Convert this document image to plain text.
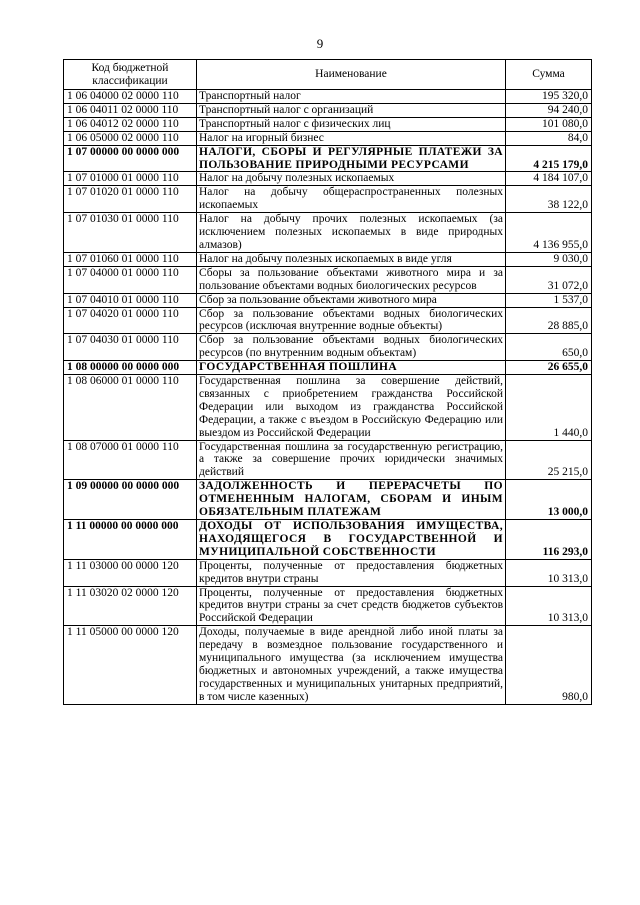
9
Код бюджетной классификации	Наименование	Сумма
1 06 04000 02 0000 110	Транспортный налог	195 320,0
1 06 04011 02 0000 110	Транспортный налог с организаций	94 240,0
1 06 04012 02 0000 110	Транспортный налог с физических лиц	101 080,0
1 06 05000 02 0000 110	Налог на игорный бизнес	84,0
1 07 00000 00 0000 000	НАЛОГИ, СБОРЫ И РЕГУЛЯРНЫЕ ПЛАТЕЖИ ЗА ПОЛЬЗОВАНИЕ ПРИРОДНЫМИ РЕСУРСАМИ	4 215 179,0
1 07 01000 01 0000 110	Налог на добычу полезных ископаемых	4 184 107,0
1 07 01020 01 0000 110	Налог на добычу общераспространенных полезных ископаемых	38 122,0
1 07 01030 01 0000 110	Налог на добычу прочих полезных ископаемых (за исключением полезных ископаемых в виде природных алмазов)	4 136 955,0
1 07 01060 01 0000 110	Налог на добычу полезных ископаемых в виде угля	9 030,0
1 07 04000 01 0000 110	Сборы за пользование объектами животного мира и за пользование объектами водных биологических ресурсов	31 072,0
1 07 04010 01 0000 110	Сбор за пользование объектами животного мира	1 537,0
1 07 04020 01 0000 110	Сбор за пользование объектами водных биологических ресурсов (исключая внутренние водные объекты)	28 885,0
1 07 04030 01 0000 110	Сбор за пользование объектами водных биологических ресурсов (по внутренним водным объектам)	650,0
1 08 00000 00 0000 000	ГОСУДАРСТВЕННАЯ ПОШЛИНА	26 655,0
1 08 06000 01 0000 110	Государственная пошлина за совершение действий, связанных с приобретением гражданства Российской Федерации или выходом из гражданства Российской Федерации, а также с въездом в Российскую Федерацию или выездом из Российской Федерации	1 440,0
1 08 07000 01 0000 110	Государственная пошлина за государственную регистрацию, а также за совершение прочих юридически значимых действий	25 215,0
1 09 00000 00 0000 000	ЗАДОЛЖЕННОСТЬ И ПЕРЕРАСЧЕТЫ ПО ОТМЕНЕННЫМ НАЛОГАМ, СБОРАМ И ИНЫМ ОБЯЗАТЕЛЬНЫМ ПЛАТЕЖАМ	13 000,0
1 11 00000 00 0000 000	ДОХОДЫ ОТ ИСПОЛЬЗОВАНИЯ ИМУЩЕСТВА, НАХОДЯЩЕГОСЯ В ГОСУДАРСТВЕННОЙ И МУНИЦИПАЛЬНОЙ СОБСТВЕННОСТИ	116 293,0
1 11 03000 00 0000 120	Проценты, полученные от предоставления бюджетных кредитов внутри страны	10 313,0
1 11 03020 02 0000 120	Проценты, полученные от предоставления бюджетных кредитов внутри страны за счет средств бюджетов субъектов Российской Федерации	10 313,0
1 11 05000 00 0000 120	Доходы, получаемые в виде арендной либо иной платы за передачу в возмездное пользование государственного и муниципального имущества (за исключением имущества бюджетных и автономных учреждений, а также имущества государственных и муниципальных унитарных предприятий, в том числе казенных)	980,0
